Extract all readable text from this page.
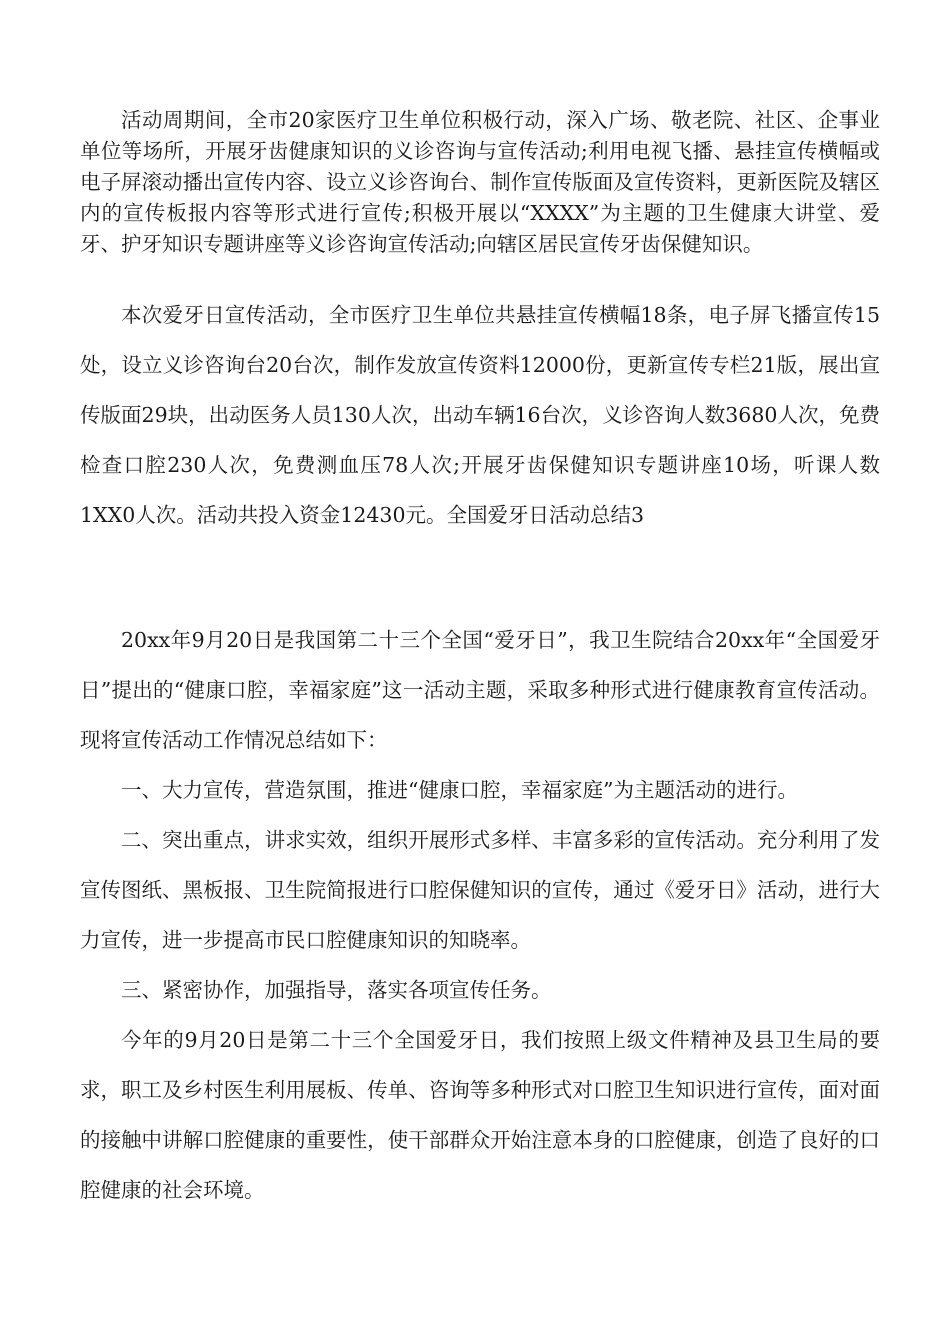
活动周期间，全市20家医疗卫生单位积极行动，深入广场、敬老院、社区、企事业单位等场所，开展牙齿健康知识的义诊咨询与宣传活动;利用电视飞播、悬挂宣传横幅或电子屏滚动播出宣传内容、设立义诊咨询台、制作宣传版面及宣传资料，更新医院及辖区内的宣传板报内容等形式进行宣传;积极开展以“XXXX”为主题的卫生健康大讲堂、爱牙、护牙知识专题讲座等义诊咨询宣传活动;向辖区居民宣传牙齿保健知识。

本次爱牙日宣传活动，全市医疗卫生单位共悬挂宣传横幅18条，电子屏飞播宣传15处，设立义诊咨询台20台次，制作发放宣传资料12000份，更新宣传专栏21版，展出宣传版面29块，出动医务人员130人次，出动车辆16台次，义诊咨询人数3680人次，免费检查口腔230人次，免费测血压78人次;开展牙齿保健知识专题讲座10场，听课人数1XX0人次。活动共投入资金12430元。全国爱牙日活动总结3

20xx年9月20日是我国第二十三个全国“爱牙日”，我卫生院结合20xx年“全国爱牙日”提出的“健康口腔，幸福家庭”这一活动主题，采取多种形式进行健康教育宣传活动。现将宣传活动工作情况总结如下：

一、大力宣传，营造氛围，推进“健康口腔，幸福家庭”为主题活动的进行。

二、突出重点，讲求实效，组织开展形式多样、丰富多彩的宣传活动。充分利用了发宣传图纸、黑板报、卫生院简报进行口腔保健知识的宣传，通过《爱牙日》活动，进行大力宣传，进一步提高市民口腔健康知识的知晓率。

三、紧密协作，加强指导，落实各项宣传任务。

今年的9月20日是第二十三个全国爱牙日，我们按照上级文件精神及县卫生局的要求，职工及乡村医生利用展板、传单、咨询等多种形式对口腔卫生知识进行宣传，面对面的接触中讲解口腔健康的重要性，使干部群众开始注意本身的口腔健康，创造了良好的口腔健康的社会环境。
